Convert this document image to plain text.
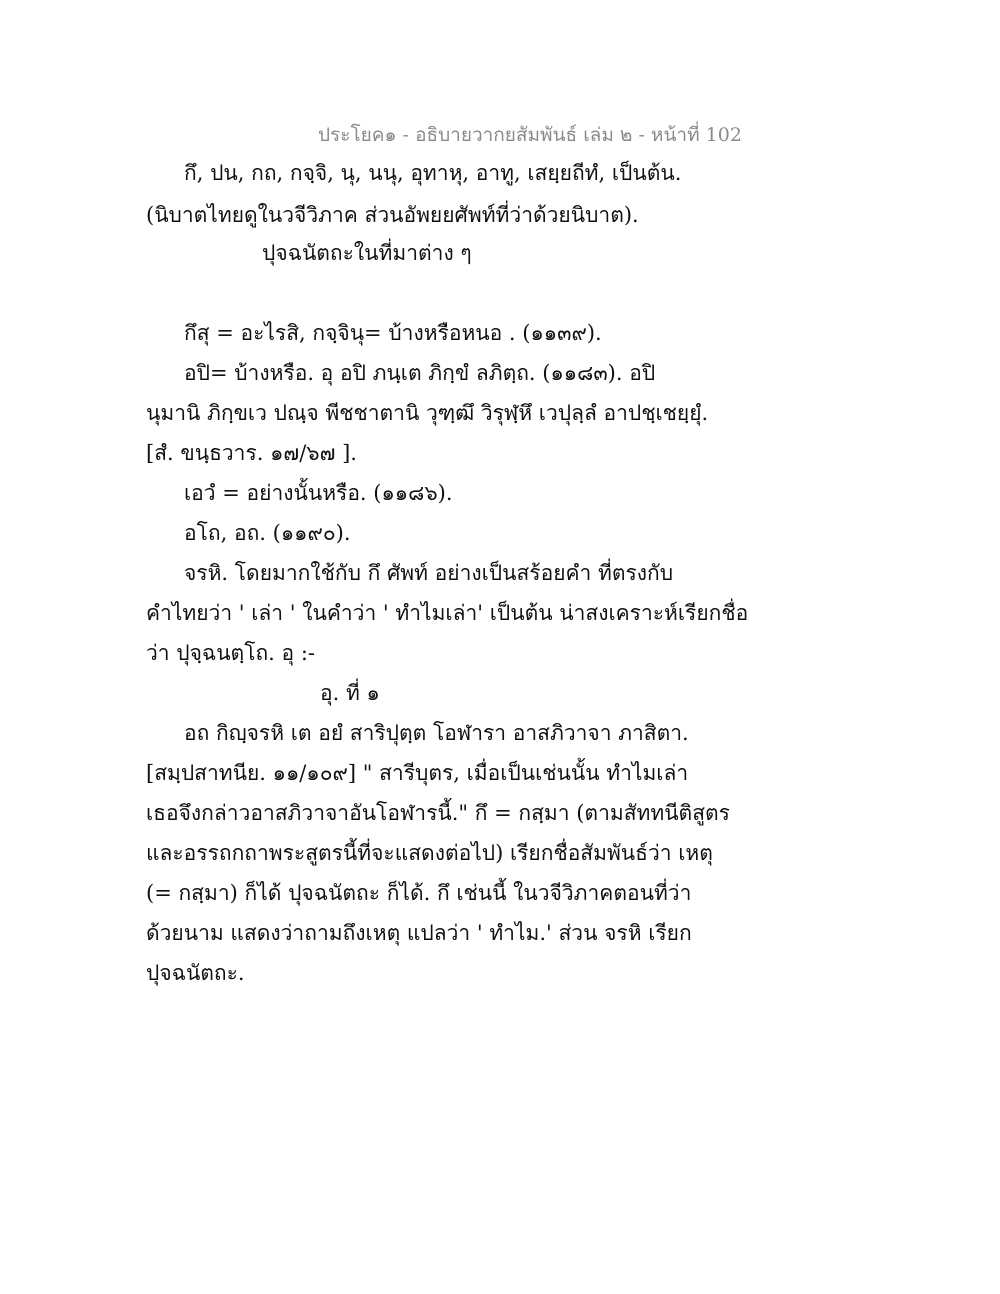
ประโยค๑ - อธิบายวากยสัมพันธ์ เล่ม ๒ - หน้าที่ 102
กึ, ปน, กถ, กจฺจิ, นุ, นนุ, อุทาหุ, อาทู, เสยฺยถีทํ, เป็นต้น.
(นิบาตไทยดูในวจีวิภาค ส่วนอัพยยศัพท์ที่ว่าด้วยนิบาต).
ปุจฉนัตถะในที่มาต่าง ๆ
กึสุ = อะไรสิ, กจฺจินุ= บ้างหรือหนอ . (๑๑๓๙).
อปิ= บ้างหรือ. อุ อปิ ภนฺเต ภิกฺขํ ลภิตฺถ. (๑๑๘๓). อปิ
นุมานิ ภิกฺขเว ปณฺจ พีชชาตานิ วุฑฺฒึ วิรุฬฺหึ เวปุลฺลํ อาปชฺเชยฺยุํ.
[สํ. ขนฺธวาร. ๑๗/๖๗ ].
เอวํ = อย่างนั้นหรือ. (๑๑๘๖).
อโถ, อถ. (๑๑๙๐).
จรหิ. โดยมากใช้กับ กึ ศัพท์ อย่างเป็นสร้อยคำ ที่ตรงกับ
คำไทยว่า ' เล่า ' ในคำว่า ' ทำไมเล่า' เป็นต้น น่าสงเคราะห์เรียกชื่อ
ว่า ปุจฺฉนตฺโถ. อุ :-
อุ. ที่ ๑
อถ กิญฺจรหิ เต อยํ สาริปุตฺต โอฬารา อาสภิวาจา ภาสิตา.
[สมฺปสาทนีย. ๑๑/๑๐๙] " สารีบุตร, เมื่อเป็นเช่นนั้น ทำไมเล่า
เธอจึงกล่าวอาสภิวาจาอันโอฬารนี้." กึ = กสฺมา (ตามสัททนีติสูตร
และอรรถกถาพระสูตรนี้ที่จะแสดงต่อไป) เรียกชื่อสัมพันธ์ว่า เหตุ
(= กสฺมา) ก็ได้ ปุจฉนัตถะ ก็ได้. กึ เช่นนี้ ในวจีวิภาคตอนที่ว่า
ด้วยนาม แสดงว่าถามถึงเหตุ แปลว่า ' ทำไม.' ส่วน จรหิ เรียก
ปุจฉนัตถะ.
